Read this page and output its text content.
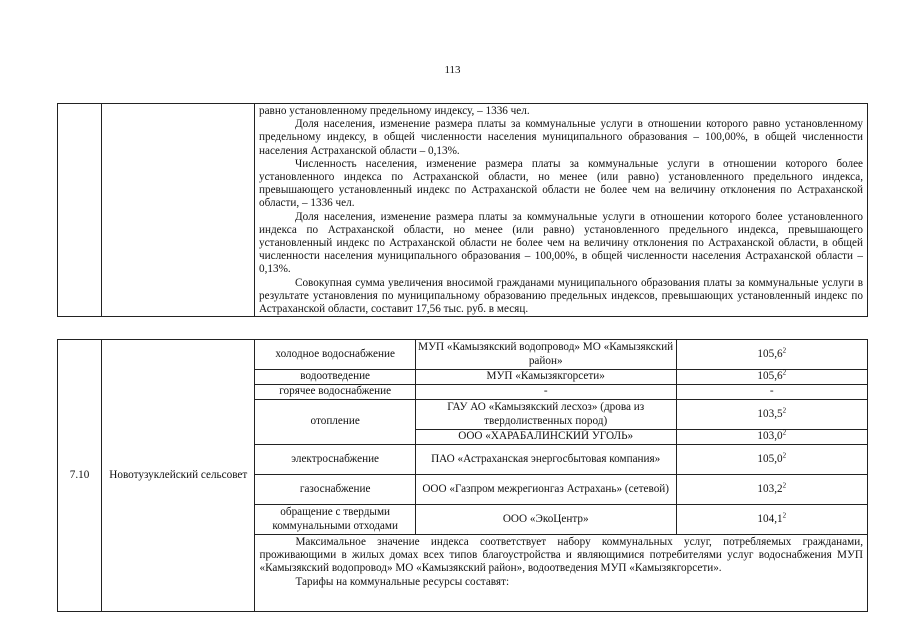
113

равно установленному предельному индексу, – 1336 чел.

Доля населения, изменение размера платы за коммунальные услуги в отношении которого равно установленному предельному индексу, в общей численности населения муниципального образования – 100,00%, в общей численности населения Астраханской области – 0,13%.

Численность населения, изменение размера платы за коммунальные услуги в отношении которого более установленного индекса по Астраханской области, но менее (или равно) установленного предельного индекса, превышающего установленный индекс по Астраханской области не более чем на величину отклонения по Астраханской области, – 1336 чел.

Доля населения, изменение размера платы за коммунальные услуги в отношении которого более установленного индекса по Астраханской области, но менее (или равно) установленного предельного индекса, превышающего установленный индекс по Астраханской области не более чем на величину отклонения по Астраханской области, в общей численности населения муниципального образования – 100,00%, в общей численности населения Астраханской области – 0,13%.

Совокупная сумма увеличения вносимой гражданами муниципального образования платы за коммунальные услуги в результате установления по муниципальному образованию предельных индексов, превышающих установленный индекс по Астраханской области, составит 17,56 тыс. руб. в месяц.

7.10	Новотузуклейский сельсовет	холодное водоснабжение	МУП «Камызякский водопровод» МО «Камызякский район»	105,6$^2$
		водоотведение	МУП «Камызякгорсети»	105,6$^2$
		горячее водоснабжение	-	-
		отопление	ГАУ АО «Камызякский лесхоз» (дрова из твердолиственных пород)	103,5$^2$
			ООО «ХАРАБАЛИНСКИЙ УГОЛЬ»	103,0$^2$
		электроснабжение	ПАО «Астраханская энергосбытовая компания»	105,0$^2$
		газоснабжение	ООО «Газпром межрегионгаз Астрахань» (сетевой)	103,2$^2$
		обращение с твердыми коммунальными отходами	ООО «ЭкоЦентр»	104,1$^2$

		Максимальное значение индекса соответствует набору коммунальных услуг, потребляемых гражданами, проживающими в жилых домах всех типов благоустройства и являющимися потребителями услуг водоснабжения МУП «Камызякский водопровод» МО «Камызякский район», водоотведения МУП «Камызякгорсети».

Тарифы на коммунальные ресурсы составят:		
